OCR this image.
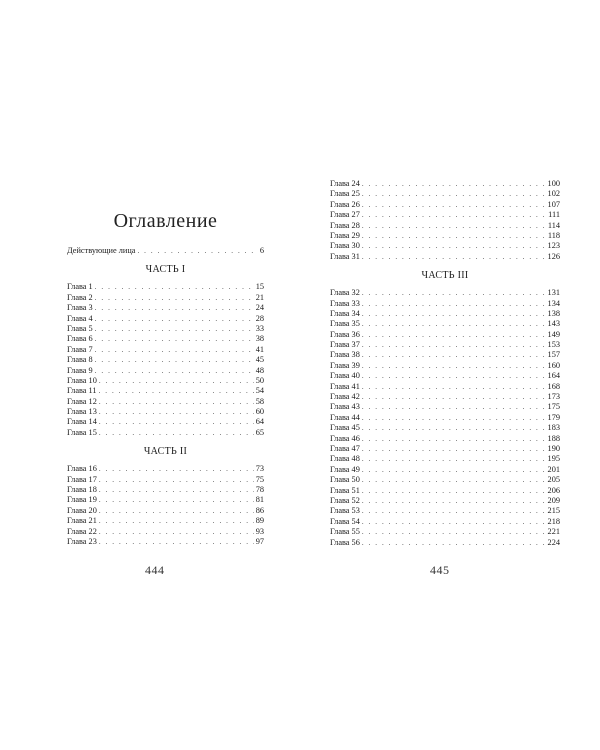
Оглавление
Действующие лица . . .	6
ЧАСТЬ I
Глава 1 . . .	15
Глава 2 . . .	21
Глава 3 . . .	24
Глава 4 . . .	28
Глава 5 . . .	33
Глава 6 . . .	38
Глава 7 . . .	41
Глава 8 . . .	45
Глава 9 . . .	48
Глава 10 . . .	50
Глава 11 . . .	54
Глава 12 . . .	58
Глава 13 . . .	60
Глава 14 . . .	64
Глава 15 . . .	65
ЧАСТЬ II
Глава 16 . . .	73
Глава 17 . . .	75
Глава 18 . . .	78
Глава 19 . . .	81
Глава 20 . . .	86
Глава 21 . . .	89
Глава 22 . . .	93
Глава 23 . . .	97
444
Глава 24 . . .	100
Глава 25 . . .	102
Глава 26 . . .	107
Глава 27 . . .	111
Глава 28 . . .	114
Глава 29 . . .	118
Глава 30 . . .	123
Глава 31 . . .	126
ЧАСТЬ III
Глава 32 . . .	131
Глава 33 . . .	134
Глава 34 . . .	138
Глава 35 . . .	143
Глава 36 . . .	149
Глава 37 . . .	153
Глава 38 . . .	157
Глава 39 . . .	160
Глава 40 . . .	164
Глава 41 . . .	168
Глава 42 . . .	173
Глава 43 . . .	175
Глава 44 . . .	179
Глава 45 . . .	183
Глава 46 . . .	188
Глава 47 . . .	190
Глава 48 . . .	195
Глава 49 . . .	201
Глава 50 . . .	205
Глава 51 . . .	206
Глава 52 . . .	209
Глава 53 . . .	215
Глава 54 . . .	218
Глава 55 . . .	221
Глава 56 . . .	224
445
